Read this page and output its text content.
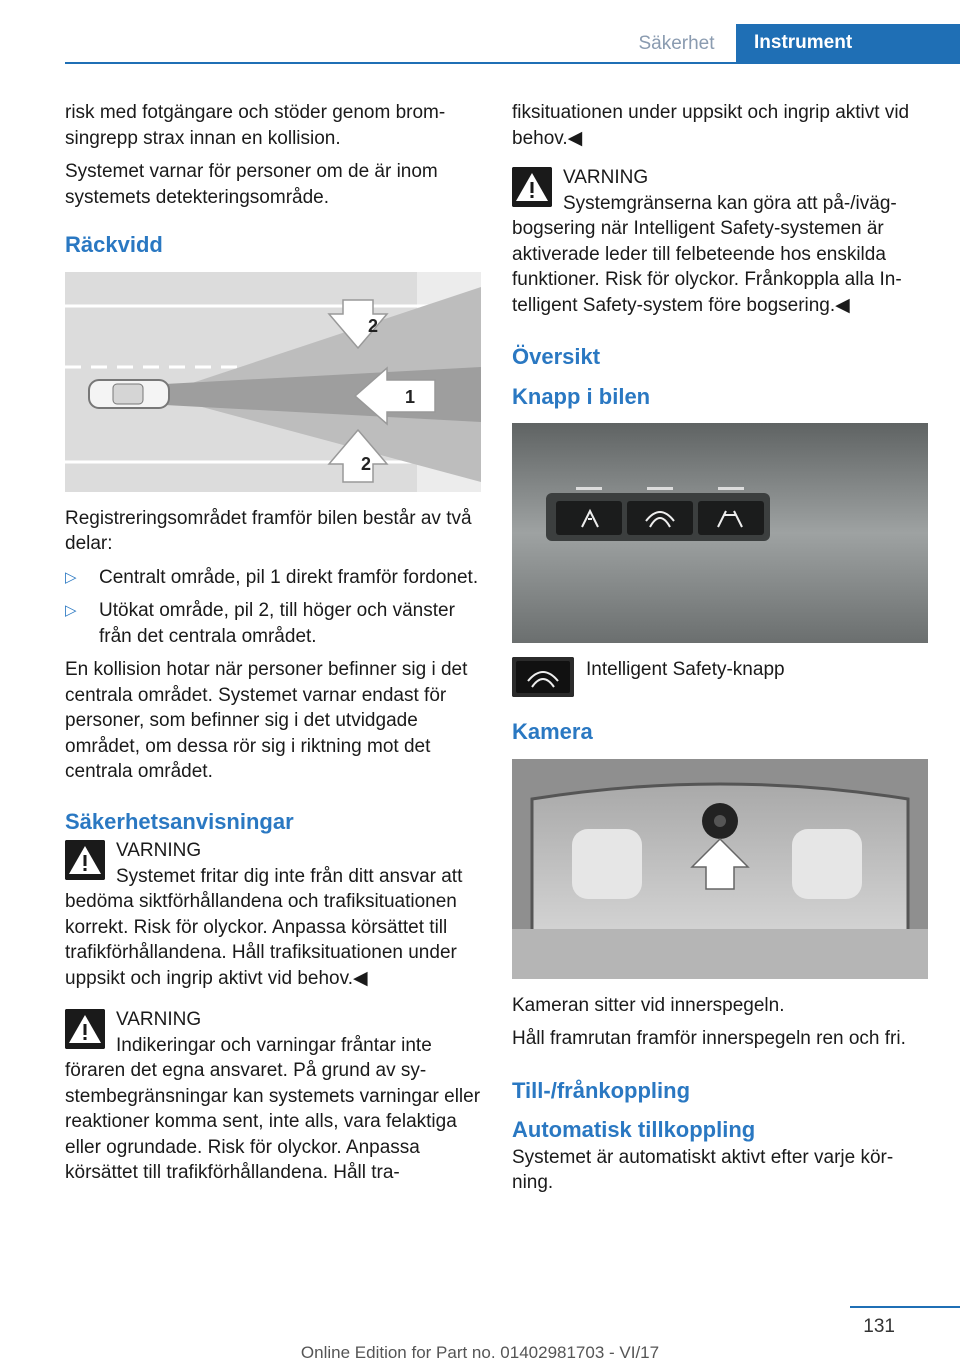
Säkerhet	Instrument

risk med fotgängare och stöder genom bromsingrepp strax innan en kollision.

Systemet varnar för personer om de är inom systemets detekteringsområde.

Räckvidd
2
1
2

Registreringsområdet framför bilen består av två delar:

▷ Centralt område, pil 1 direkt framför fordonet.
▷ Utökat område, pil 2, till höger och vänster från det centrala området.

En kollision hotar när personer befinner sig i det centrala området. Systemet varnar endast för personer, som befinner sig i det utvidgade området, om dessa rör sig i riktning mot det centrala området.

Säkerhetsanvisningar
VARNING
Systemet fritar dig inte från ditt ansvar att bedöma siktförhållandena och trafiksituationen korrekt. Risk för olyckor. Anpassa körsättet till trafikförhållandena. Håll trafiksituationen under uppsikt och ingrip aktivt vid behov.◀
VARNING
Indikeringar och varningar fråntar inte föraren det egna ansvaret. På grund av systembegränsningar kan systemets varningar eller reaktioner komma sent, inte alls, vara felaktiga eller ogrundade. Risk för olyckor. Anpassa körsättet till trafikförhållandena. Håll tra-

fiksituationen under uppsikt och ingrip aktivt vid behov.◀

VARNING
Systemgränserna kan göra att på-/ivägbogsering när Intelligent Safety-systemen är aktiverade leder till felbeteende hos enskilda funktioner. Risk för olyckor. Frånkoppla alla Intelligent Safety-system före bogsering.◀
Översikt
Knapp i bilen
Intelligent Safety-knapp
Kamera

Kameran sitter vid innerspegeln.

Håll framrutan framför innerspegeln ren och fri.

Till-/frånkoppling
Automatisk tillkoppling

Systemet är automatiskt aktivt efter varje körning.

131
Online Edition for Part no. 01402981703 - VI/17
